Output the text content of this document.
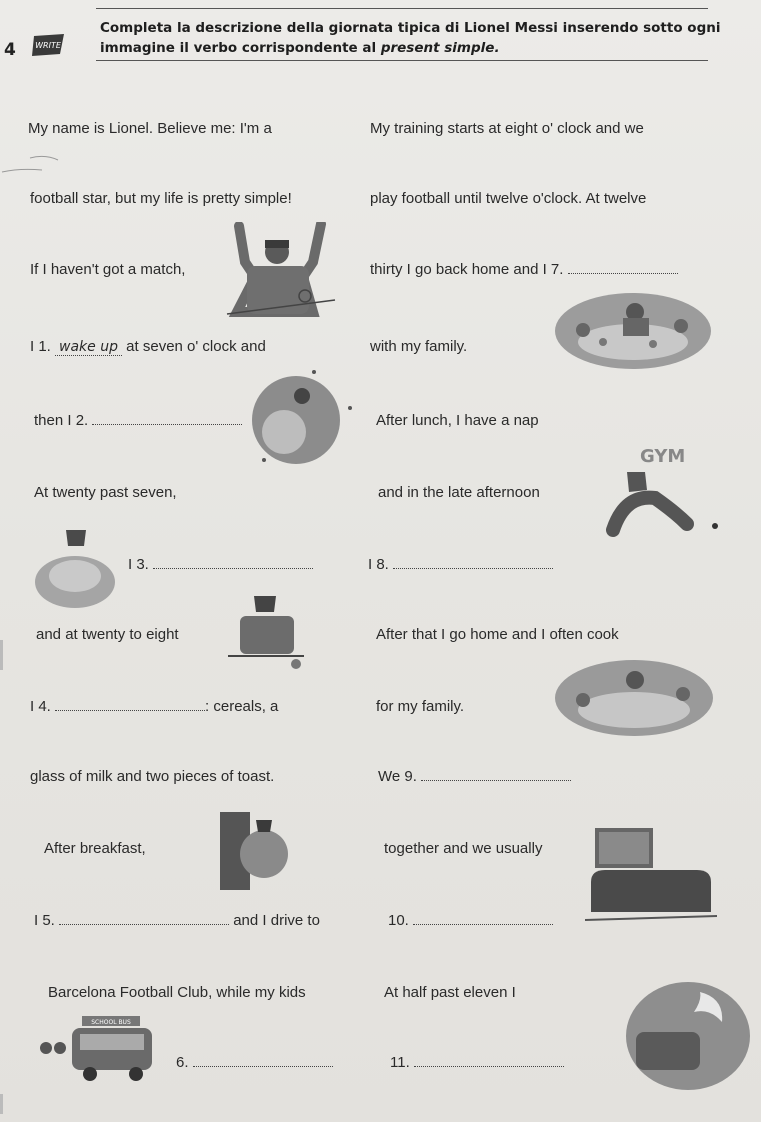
4 WRITE
Completa la descrizione della giornata tipica di Lionel Messi inserendo sotto ogni
immagine il verbo corrispondente al present simple.
My name is Lionel. Believe me: I'm a
football star, but my life is pretty simple!
If I haven't got a match,
I 1. wake up at seven o' clock and
then I 2.
At twenty past seven,
I 3.
and at twenty to eight
I 4.	: cereals, a
glass of milk and two pieces of toast.
After breakfast,
I 5.	and I drive to
Barcelona Football Club, while my kids
6.
My training starts at eight o' clock and we
play football until twelve o'clock. At twelve
thirty I go back home and I 7.
with my family.
After lunch, I have a nap
and in the late afternoon
I 8.
After that I go home and I often cook
for my family.
We 9.
together and we usually
10.
At half past eleven I
11.
GYM
SCHOOL BUS
